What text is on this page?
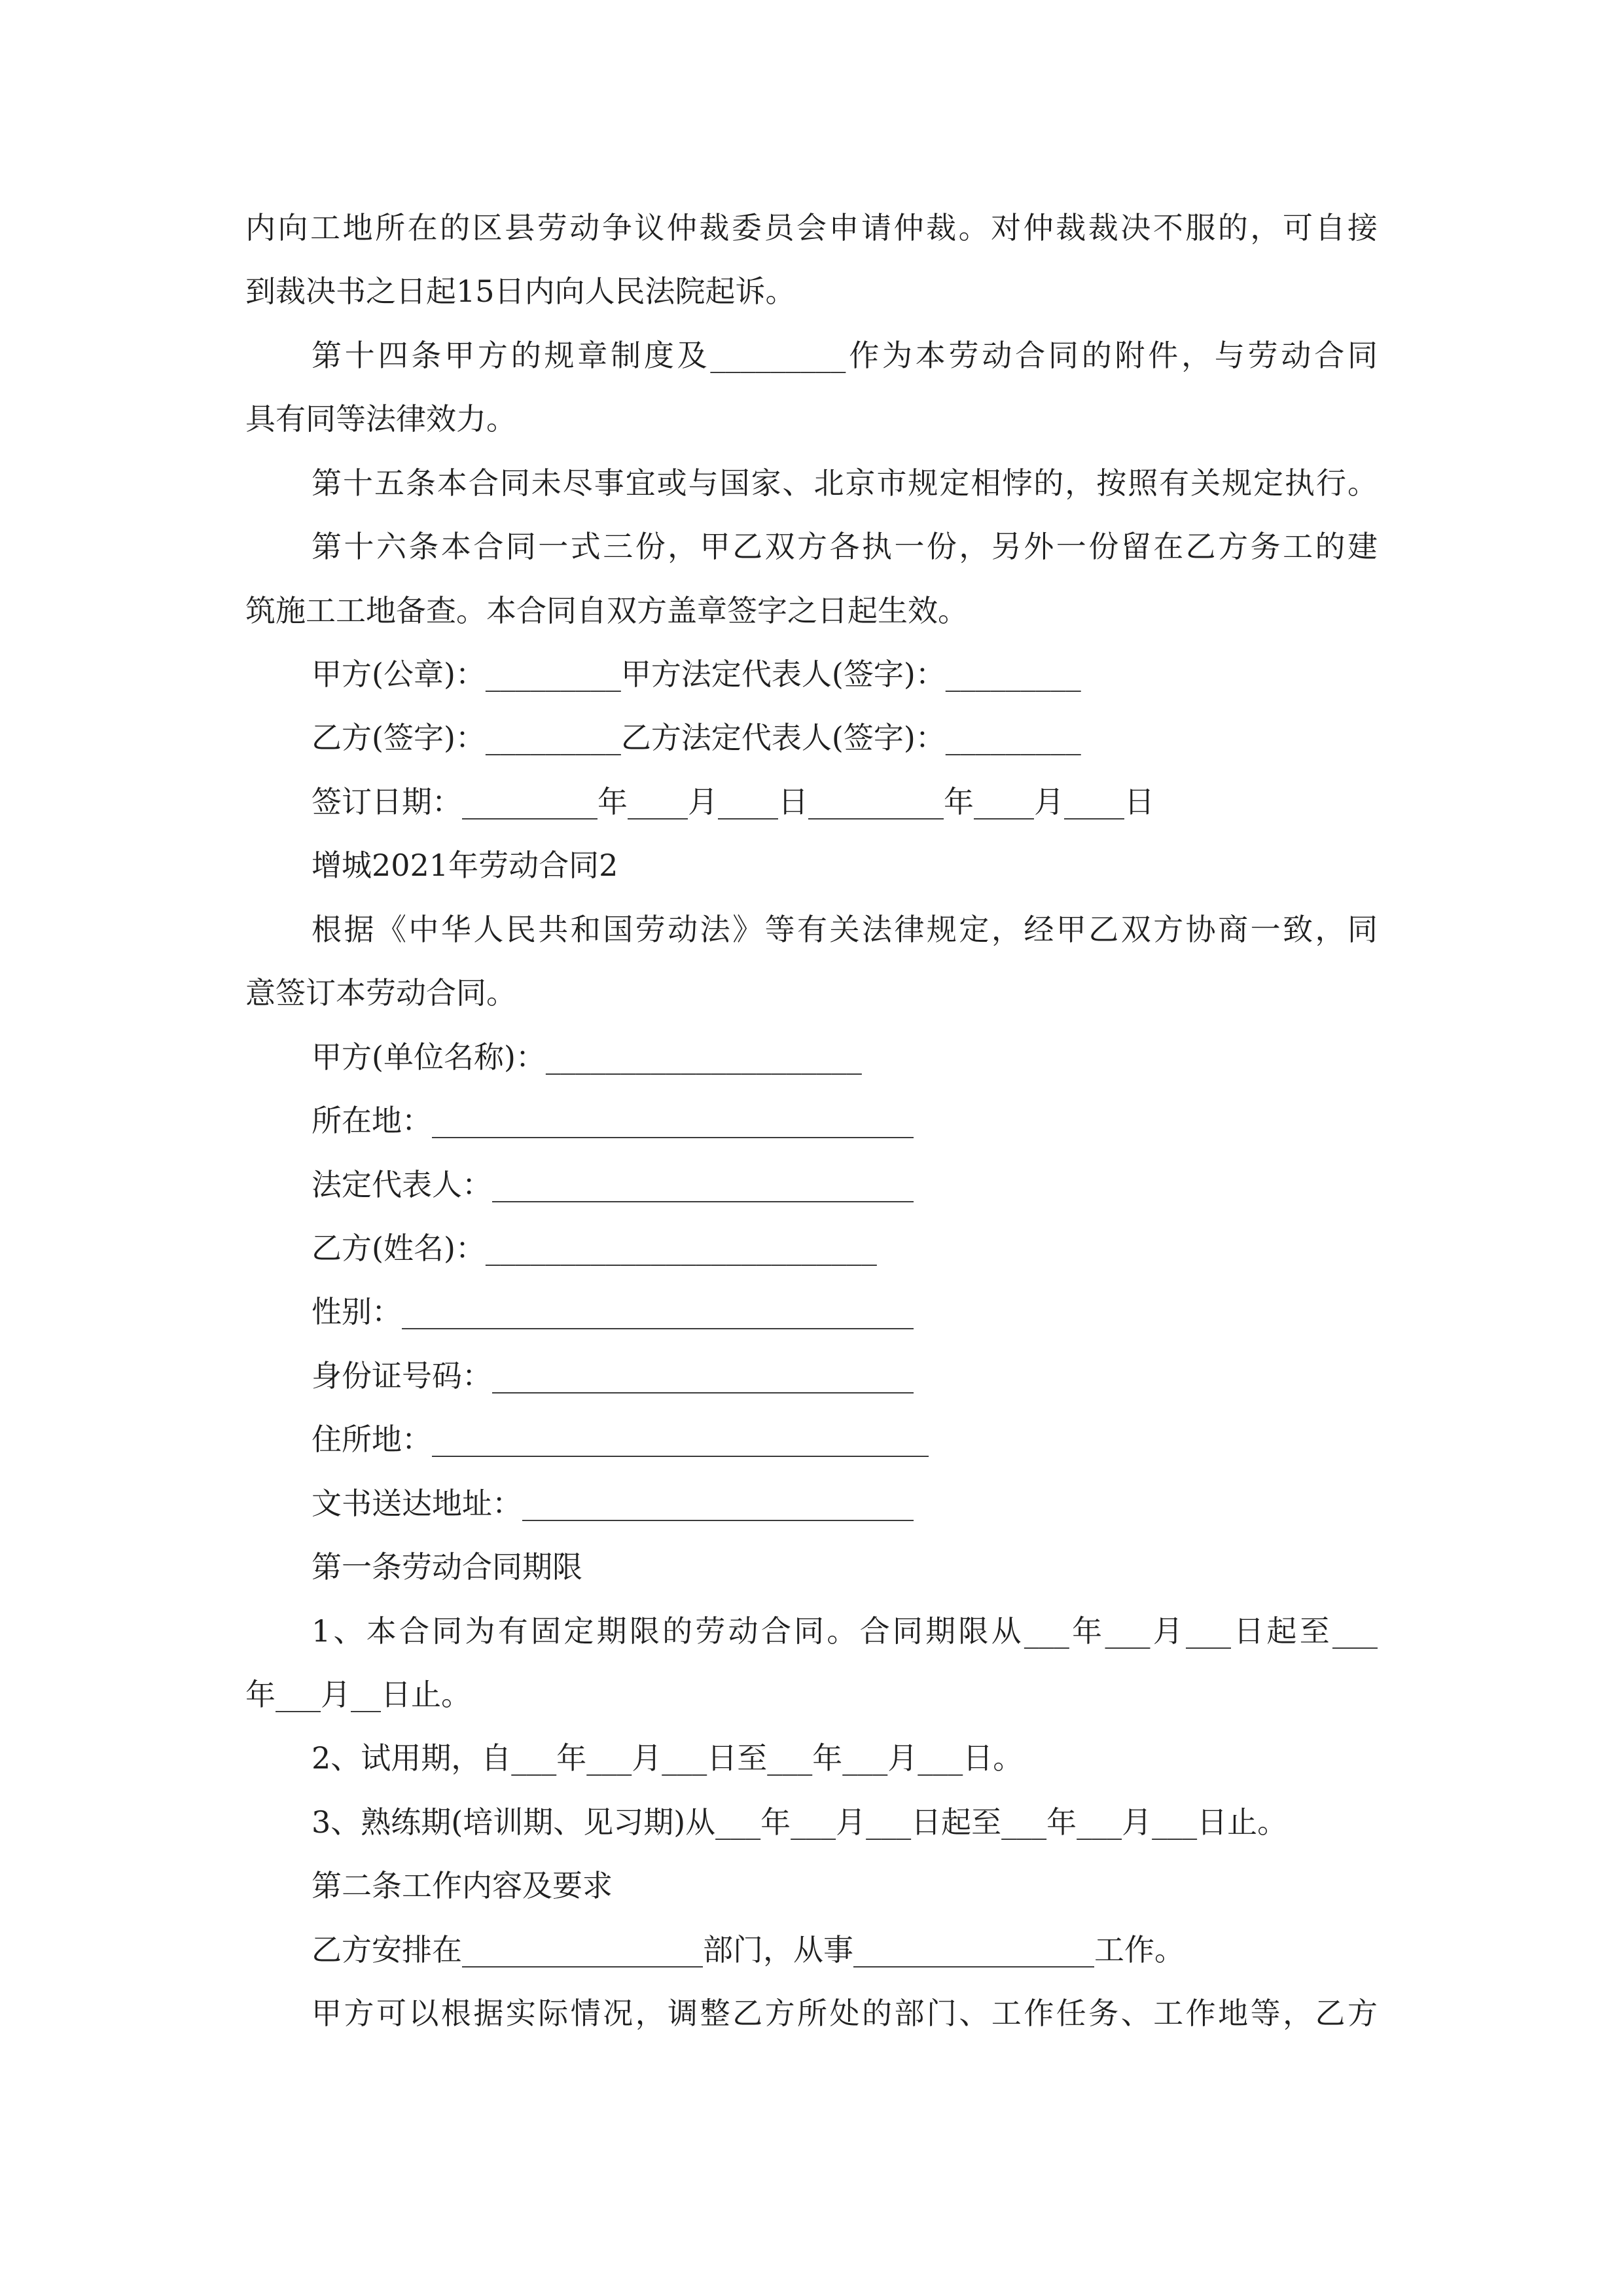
内向工地所在的区县劳动争议仲裁委员会申请仲裁。对仲裁裁决不服的，可自接
到裁决书之日起15日内向人民法院起诉。
第十四条甲方的规章制度及_________作为本劳动合同的附件，与劳动合同
具有同等法律效力。
第十五条本合同未尽事宜或与国家、北京市规定相悖的，按照有关规定执行。
第十六条本合同一式三份，甲乙双方各执一份，另外一份留在乙方务工的建
筑施工工地备查。本合同自双方盖章签字之日起生效。
甲方(公章)：_________甲方法定代表人(签字)：_________
乙方(签字)：_________乙方法定代表人(签字)：_________
签订日期：_________年____月____日_________年____月____日
增城2021年劳动合同2
根据《中华人民共和国劳动法》等有关法律规定，经甲乙双方协商一致，同
意签订本劳动合同。
甲方(单位名称)：_____________________
所在地：________________________________
法定代表人：____________________________
乙方(姓名)：__________________________
性别：__________________________________
身份证号码：____________________________
住所地：_________________________________
文书送达地址：__________________________
第一条劳动合同期限
1、本合同为有固定期限的劳动合同。合同期限从___年___月___日起至___
年___月__日止。
2、试用期，自___年___月___日至___年___月___日。
3、熟练期(培训期、见习期)从___年___月___日起至___年___月___日止。
第二条工作内容及要求
乙方安排在________________部门，从事________________工作。
甲方可以根据实际情况，调整乙方所处的部门、工作任务、工作地等，乙方
